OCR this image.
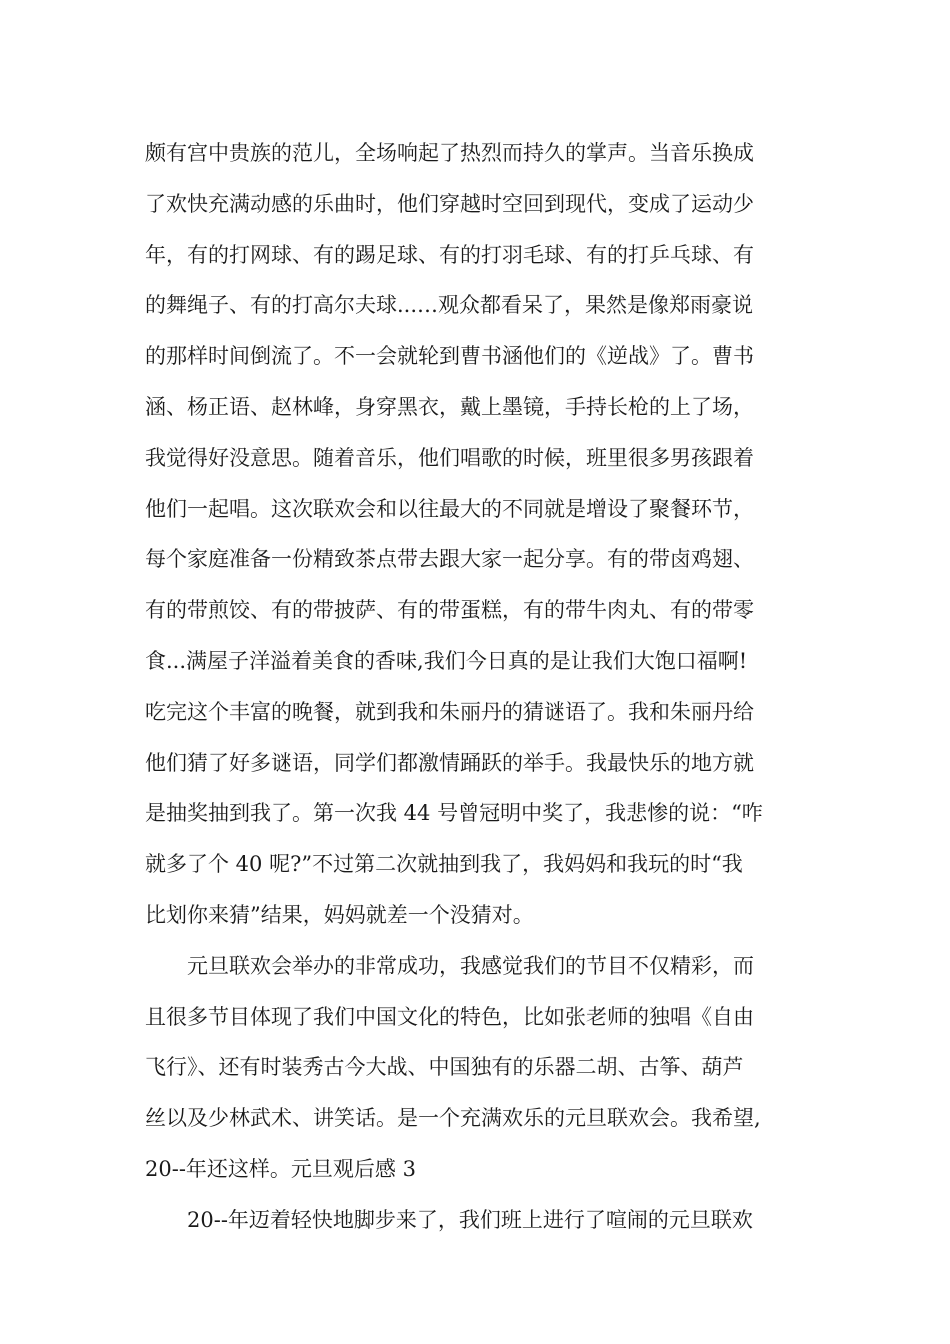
颇有宫中贵族的范儿，全场响起了热烈而持久的掌声。当音乐换成
了欢快充满动感的乐曲时，他们穿越时空回到现代，变成了运动少
年，有的打网球、有的踢足球、有的打羽毛球、有的打乒乓球、有
的舞绳子、有的打高尔夫球...…观众都看呆了，果然是像郑雨豪说
的那样时间倒流了。不一会就轮到曹书涵他们的《逆战》了。曹书
涵、杨正语、赵林峰，身穿黑衣，戴上墨镜，手持长枪的上了场，
我觉得好没意思。随着音乐，他们唱歌的时候，班里很多男孩跟着
他们一起唱。这次联欢会和以往最大的不同就是增设了聚餐环节，
每个家庭准备一份精致茶点带去跟大家一起分享。有的带卤鸡翅、
有的带煎饺、有的带披萨、有的带蛋糕，有的带牛肉丸、有的带零
食...满屋子洋溢着美食的香味,我们今日真的是让我们大饱口福啊!
吃完这个丰富的晚餐，就到我和朱丽丹的猜谜语了。我和朱丽丹给
他们猜了好多谜语，同学们都激情踊跃的举手。我最快乐的地方就
是抽奖抽到我了。第一次我 44 号曾冠明中奖了，我悲惨的说：“咋
就多了个 40 呢?”不过第二次就抽到我了，我妈妈和我玩的时“我
比划你来猜”结果，妈妈就差一个没猜对。
元旦联欢会举办的非常成功，我感觉我们的节目不仅精彩，而
且很多节目体现了我们中国文化的特色，比如张老师的独唱《自由
飞行》、还有时装秀古今大战、中国独有的乐器二胡、古筝、葫芦
丝以及少林武术、讲笑话。是一个充满欢乐的元旦联欢会。我希望,
20--年还这样。元旦观后感 3
20--年迈着轻快地脚步来了，我们班上进行了喧闹的元旦联欢
